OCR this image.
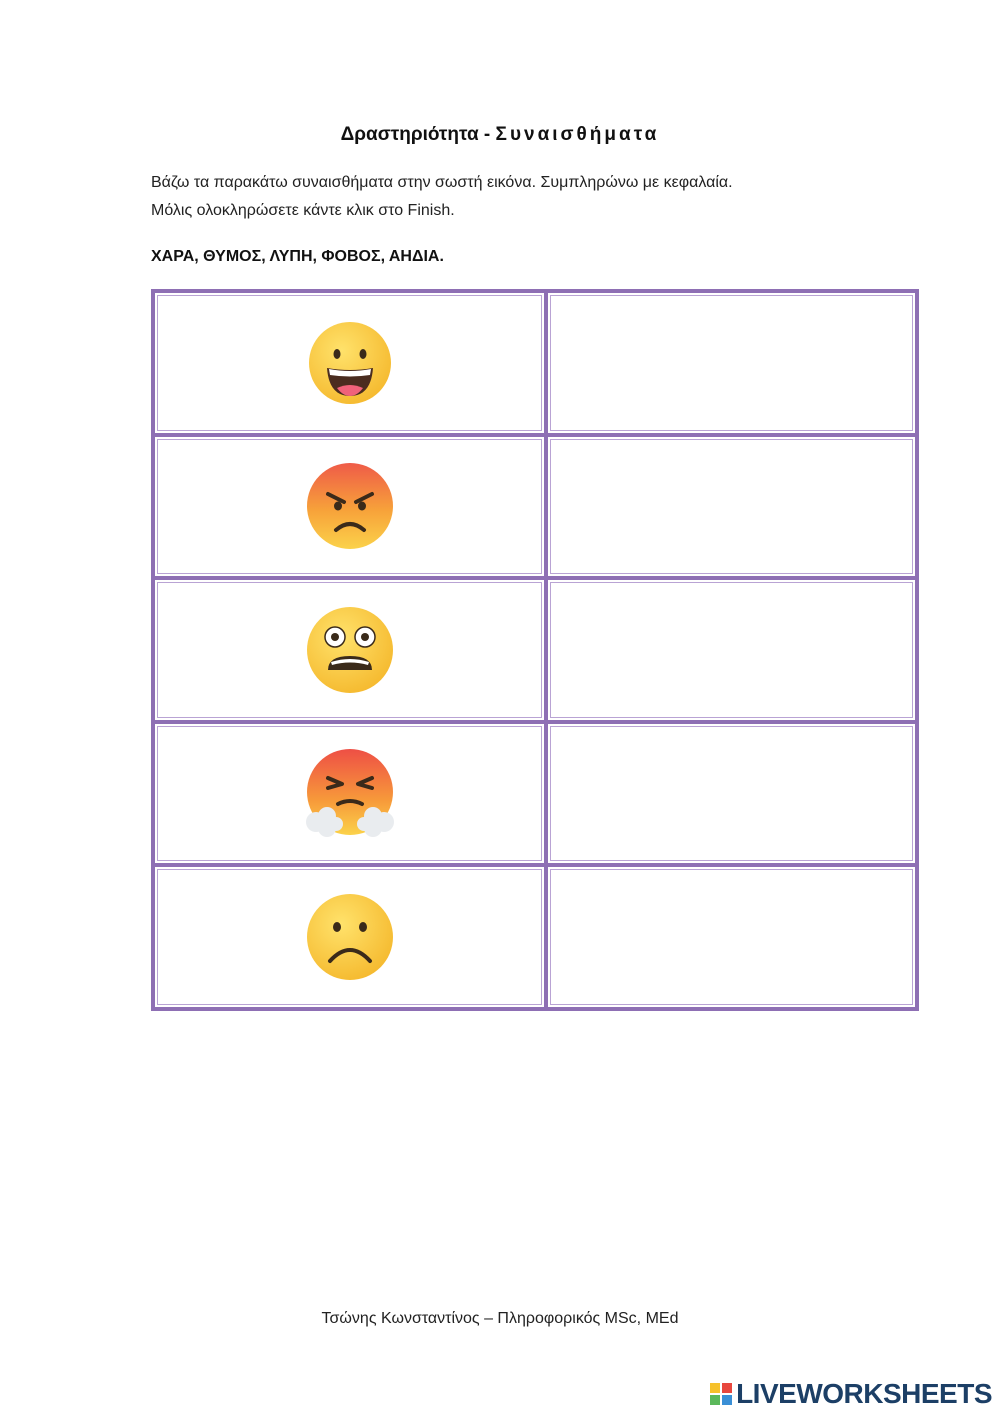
Δραστηριότητα - Συναισθήματα
Βάζω τα παρακάτω συναισθήματα στην σωστή εικόνα. Συμπληρώνω με κεφαλαία.
Μόλις ολοκληρώσετε κάντε κλικ στο Finish.
ΧΑΡΑ, ΘΥΜΟΣ, ΛΥΠΗ, ΦΟΒΟΣ, ΑΗΔΙΑ.
Τσώνης Κωνσταντίνος – Πληροφορικός MSc, MEd
LIVEWORKSHEETS
